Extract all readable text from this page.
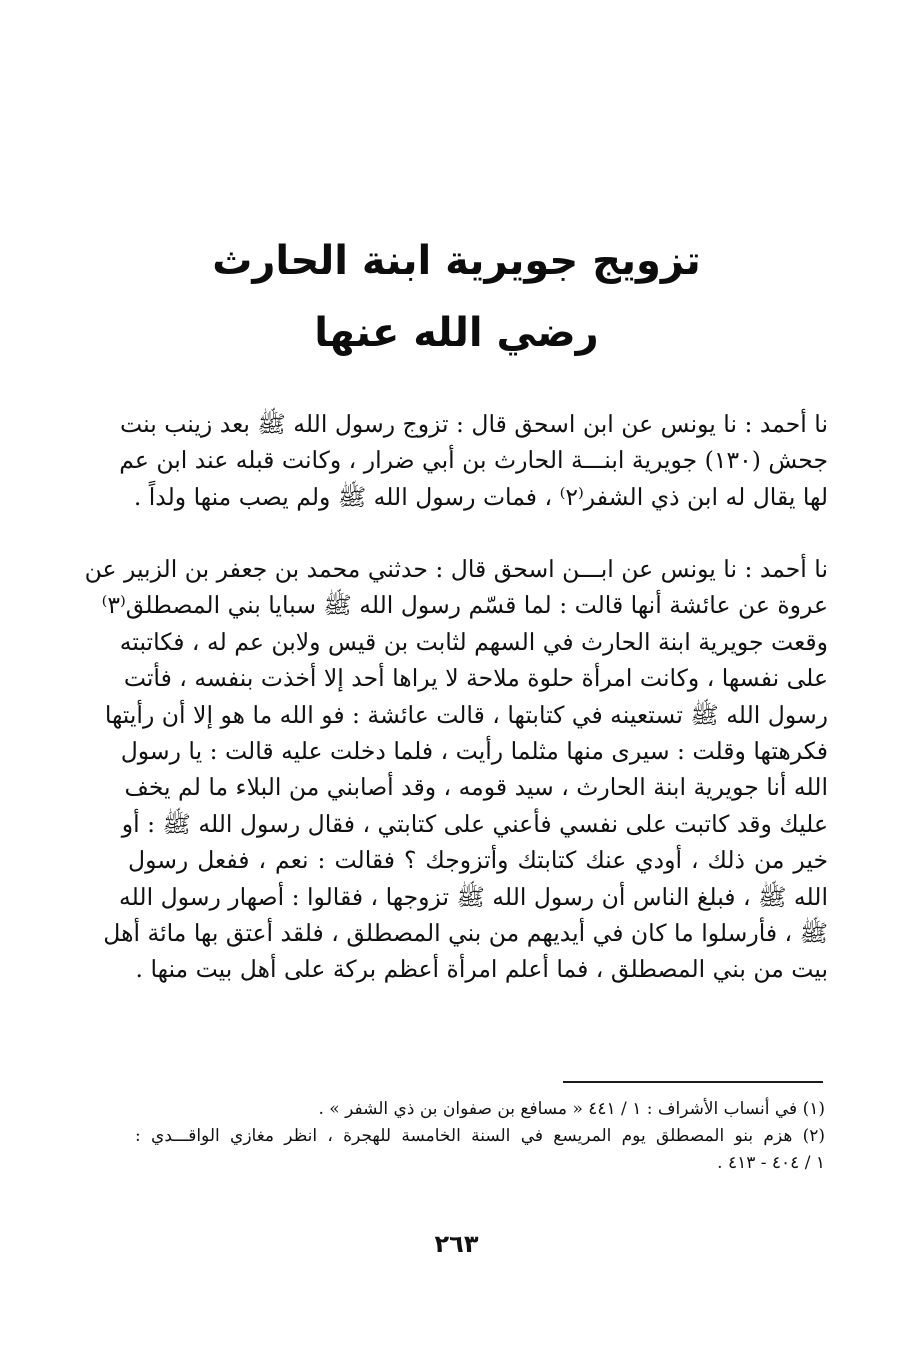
تزويج جويرية ابنة الحارث
رضي الله عنها
نا أحمد : نا يونس عن ابن اسحق قال : تزوج رسول الله ﷺ بعد زينب بنت
جحش (١٣٠) جويرية ابنـــة الحارث بن أبي ضرار ، وكانت قبله عند ابن عم
لها يقال له ابن ذي الشفر⁽٢⁾ ، فمات رسول الله ﷺ ولم يصب منها ولداً .
نا أحمد : نا يونس عن ابـــن اسحق قال : حدثني محمد بن جعفر بن الزبير عن
عروة عن عائشة أنها قالت : لما قسّم رسول الله ﷺ سبايا بني المصطلق⁽٣⁾
وقعت جويرية ابنة الحارث في السهم لثابت بن قيس ولابن عم له ، فكاتبته
على نفسها ، وكانت امرأة حلوة ملاحة لا يراها أحد إلا أخذت بنفسه ، فأتت
رسول الله ﷺ تستعينه في كتابتها ، قالت عائشة : فو الله ما هو إلا أن رأيتها
فكرهتها وقلت : سيرى منها مثلما رأيت ، فلما دخلت عليه قالت : يا رسول
الله أنا جويرية ابنة الحارث ، سيد قومه ، وقد أصابني من البلاء ما لم يخف
عليك وقد كاتبت على نفسي فأعني على كتابتي ، فقال رسول الله ﷺ : أو
خير من ذلك ، أودي عنك كتابتك وأتزوجك ؟ فقالت : نعم ، ففعل رسول
الله ﷺ ، فبلغ الناس أن رسول الله ﷺ تزوجها ، فقالوا : أصهار رسول الله
ﷺ ، فأرسلوا ما كان في أيديهم من بني المصطلق ، فلقد أعتق بها مائة أهل
بيت من بني المصطلق ، فما أعلم امرأة أعظم بركة على أهل بيت منها .
(١) في أنساب الأشراف : ١ / ٤٤١ « مسافع بن صفوان بن ذي الشفر » .
(٢) هزم بنو المصطلق يوم المريسع في السنة الخامسة للهجرة ، انظر مغازي الواقـــدي :
١ / ٤٠٤ - ٤١٣ .
٢٦٣
